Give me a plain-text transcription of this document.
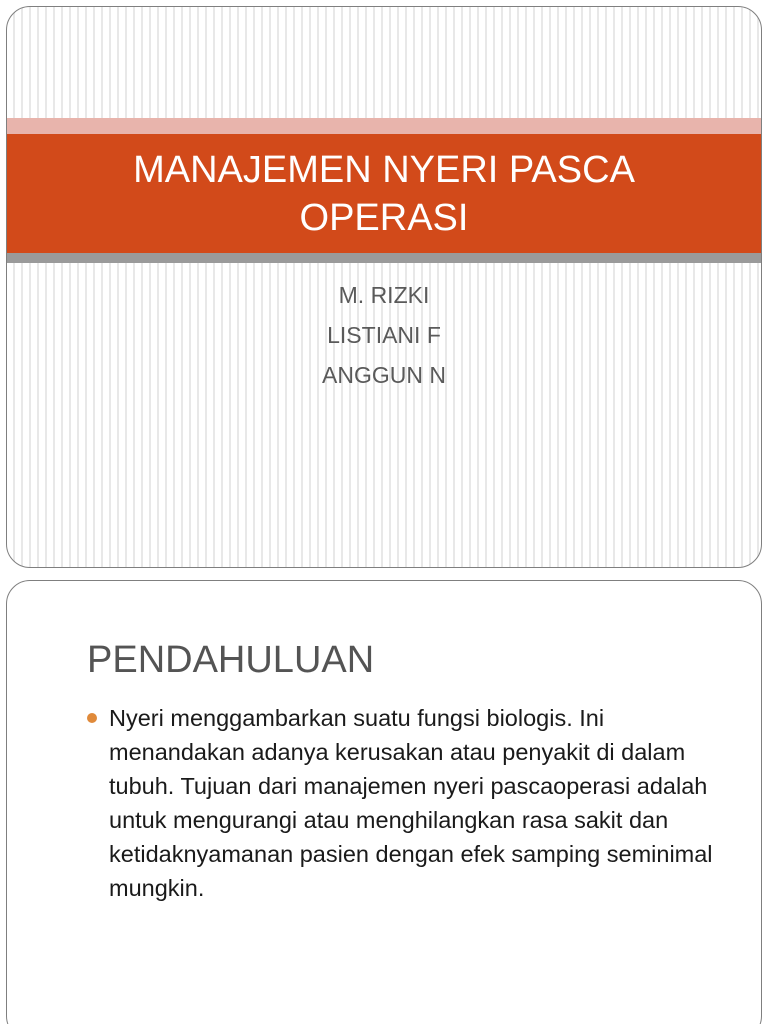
MANAJEMEN NYERI PASCA OPERASI
M. RIZKI
LISTIANI F
ANGGUN N
PENDAHULUAN
Nyeri menggambarkan suatu fungsi biologis. Ini menandakan adanya kerusakan atau penyakit di dalam tubuh. Tujuan dari manajemen nyeri pascaoperasi adalah untuk mengurangi atau menghilangkan rasa sakit dan ketidaknyamanan pasien dengan efek samping seminimal mungkin.
